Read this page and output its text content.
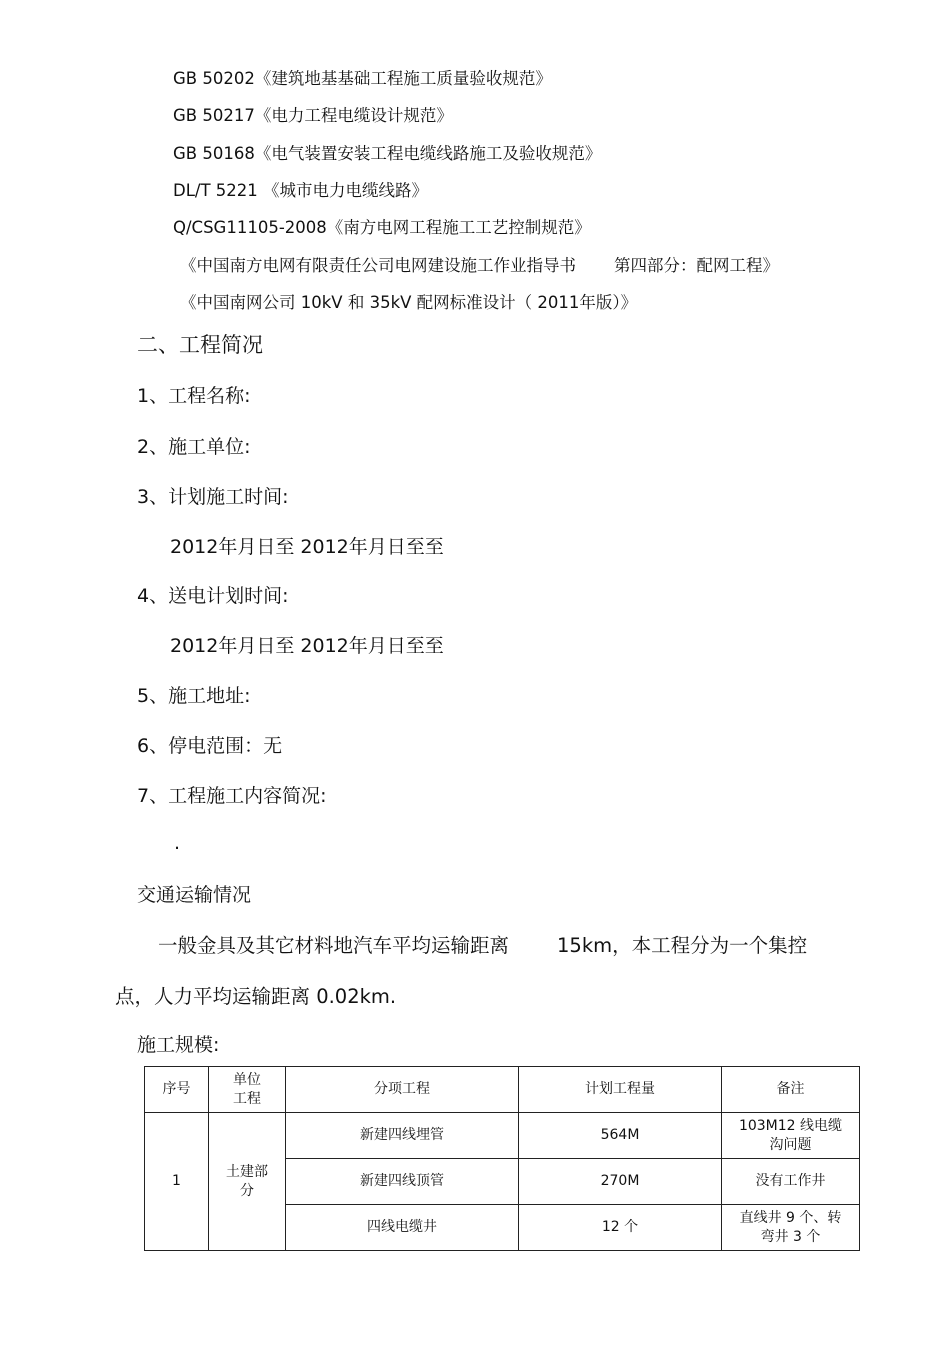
GB 50202《建筑地基基础工程施工质量验收规范》
GB 50217《电力工程电缆设计规范》
GB 50168《电气装置安装工程电缆线路施工及验收规范》
DL/T 5221 《城市电力电缆线路》
Q/CSG11105-2008《南方电网工程施工工艺控制规范》
《中国南方电网有限责任公司电网建设施工作业指导书 第四部分：配网工程》
《中国南网公司 10kV 和 35kV 配网标准设计（ 2011年版）》
二、工程简况
1、工程名称:
2、施工单位:
3、计划施工时间:
2012年月日至 2012年月日至至
4、送电计划时间:
2012年月日至 2012年月日至至
5、施工地址:
6、停电范围：无
7、工程施工内容简况:
.
交通运输情况
一般金具及其它材料地汽车平均运输距离 15km，本工程分为一个集控
点，人力平均运输距离 0.02km.
施工规模:
序号	单位工程	分项工程	计划工程量	备注
1	土建部分	新建四线埋管	564M	103M12 线电缆沟问题

		新建四线顶管	270M	没有工作井
		四线电缆井	12 个	直线井 9 个、转弯井 3 个
